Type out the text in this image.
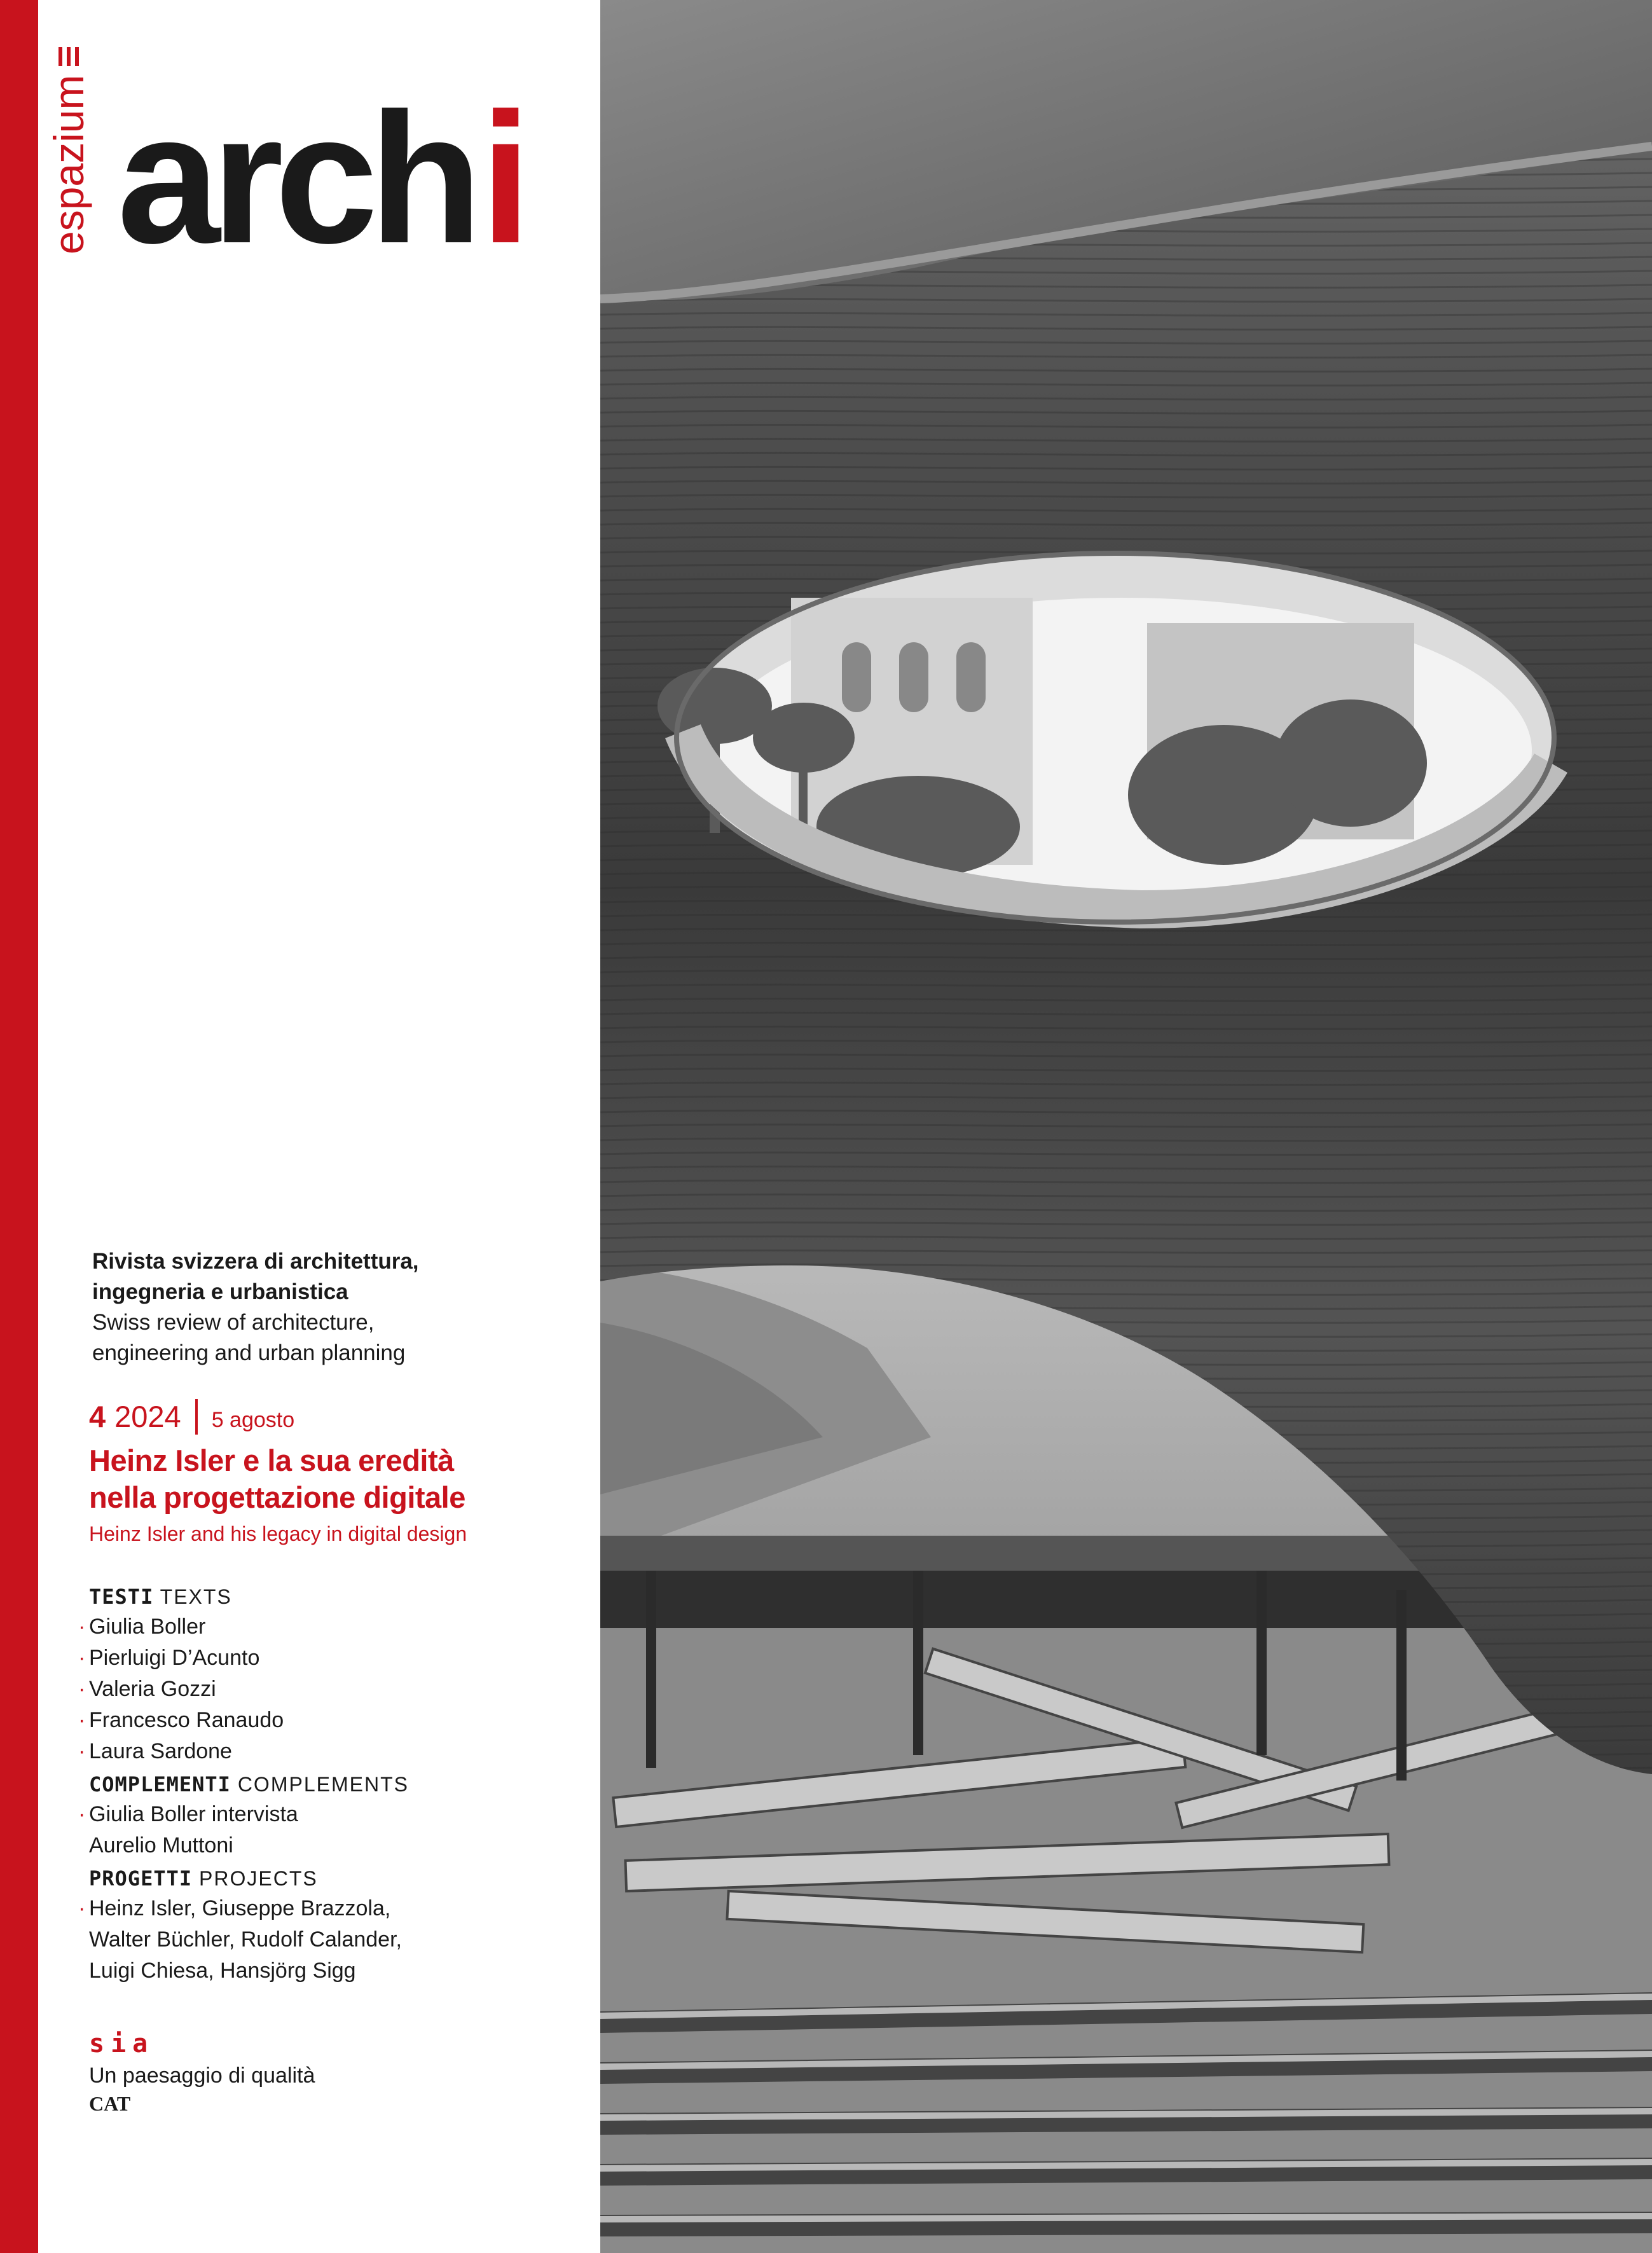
espazium arch i
Rivista svizzera di architettura,
ingegneria e urbanistica
Swiss review of architecture,
engineering and urban planning
4 2024 5 agosto
Heinz Isler e la sua eredità
nella progettazione digitale
Heinz Isler and his legacy in digital design
TESTI TEXTS
Giulia Boller
Pierluigi D’Acunto
Valeria Gozzi
Francesco Ranaudo
Laura Sardone
COMPLEMENTI COMPLEMENTS
Giulia Boller intervista
Aurelio Muttoni
PROGETTI PROJECTS
Heinz Isler, Giuseppe Brazzola,
Walter Büchler, Rudolf Calander,
Luigi Chiesa, Hansjörg Sigg
sia
Un paesaggio di qualità
CAT
